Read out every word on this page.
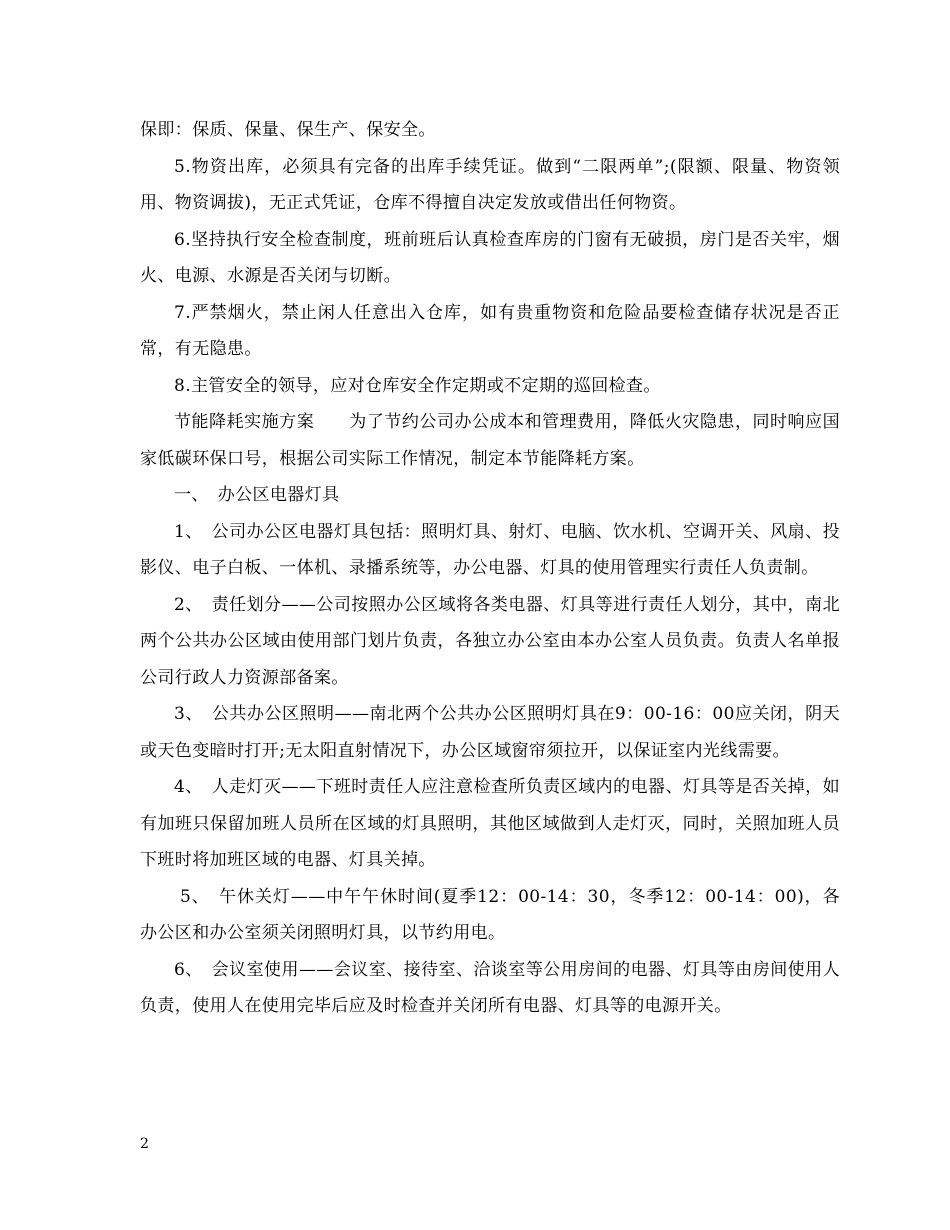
保即：保质、保量、保生产、保安全。

5.物资出库，必须具有完备的出库手续凭证。做到“二限两单”;(限额、限量、物资领用、物资调拔)，无正式凭证，仓库不得擅自决定发放或借出任何物资。

6.坚持执行安全检查制度，班前班后认真检查库房的门窗有无破损，房门是否关牢，烟火、电源、水源是否关闭与切断。

7.严禁烟火，禁止闲人任意出入仓库，如有贵重物资和危险品要检查储存状况是否正常，有无隐患。

8.主管安全的领导，应对仓库安全作定期或不定期的巡回检查。

节能降耗实施方案　　为了节约公司办公成本和管理费用，降低火灾隐患，同时响应国家低碳环保口号，根据公司实际工作情况，制定本节能降耗方案。

一、　办公区电器灯具

1、　公司办公区电器灯具包括：照明灯具、射灯、电脑、饮水机、空调开关、风扇、投影仪、电子白板、一体机、录播系统等，办公电器、灯具的使用管理实行责任人负责制。

2、　责任划分——公司按照办公区域将各类电器、灯具等进行责任人划分，其中，南北两个公共办公区域由使用部门划片负责，各独立办公室由本办公室人员负责。负责人名单报公司行政人力资源部备案。

3、　公共办公区照明——南北两个公共办公区照明灯具在9：00-16：00应关闭，阴天或天色变暗时打开;无太阳直射情况下，办公区域窗帘须拉开，以保证室内光线需要。

4、　人走灯灭——下班时责任人应注意检查所负责区域内的电器、灯具等是否关掉，如有加班只保留加班人员所在区域的灯具照明，其他区域做到人走灯灭，同时，关照加班人员下班时将加班区域的电器、灯具关掉。

5、　午休关灯——中午午休时间(夏季12：00-14：30，冬季12：00-14：00)，各办公区和办公室须关闭照明灯具，以节约用电。

6、　会议室使用——会议室、接待室、洽谈室等公用房间的电器、灯具等由房间使用人负责，使用人在使用完毕后应及时检查并关闭所有电器、灯具等的电源开关。

2
